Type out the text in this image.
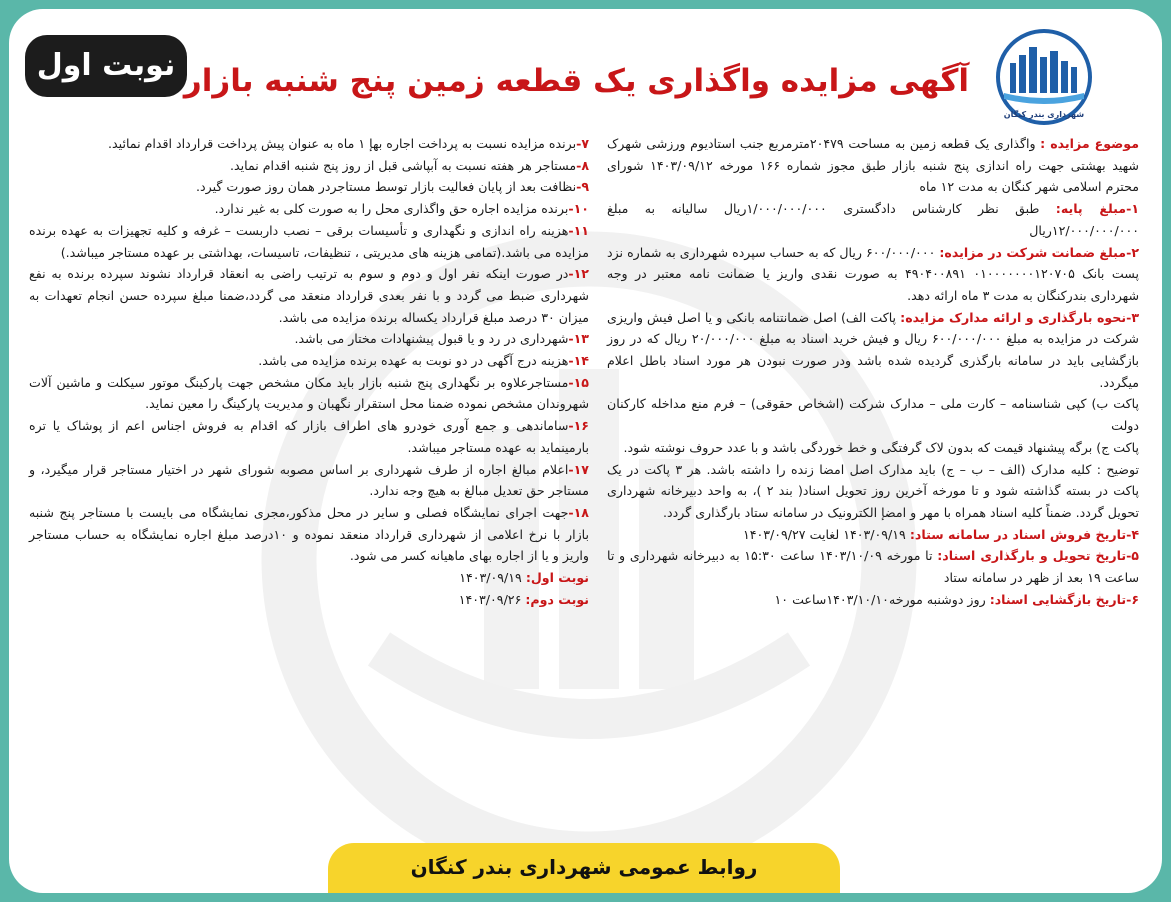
شهرداری بندر کنگان
نوبت اول آگهی مزایده واگذاری یک قطعه زمین پنج شنبه بازار

موضوع مزایده : واگذاری یک قطعه زمین به مساحت ۲۰۴۷۹مترمربع جنب استادیوم ورزشی شهرک شهید بهشتی جهت راه اندازی پنج شنبه بازار طبق مجوز شماره ۱۶۶ مورخه ۱۴۰۳/۰۹/۱۲ شورای محترم اسلامی شهر کنگان به مدت ۱۲ ماه

۱-مبلغ پایه: طبق نظر کارشناس دادگستری ۱/۰۰۰/۰۰۰/۰۰۰ریال سالیانه به مبلغ ۱۲/۰۰۰/۰۰۰/۰۰۰ریال

۲-مبلغ ضمانت شرکت در مزایده: ۶۰۰/۰۰۰/۰۰۰ ریال که به حساب سپرده شهرداری به شماره نزد پست بانک ۰۱۰۰۰۰۰۰۰۱۲۰۷۰۵ ۴۹۰۴۰۰۸۹۱ به صورت نقدی واریز یا ضمانت نامه معتبر در وجه شهرداری بندرکنگان به مدت ۳ ماه ارائه دهد.

۳-نحوه بارگذاری و ارائه مدارک مزایده: پاکت الف) اصل ضمانتنامه بانکی و یا اصل فیش واریزی شرکت در مزایده به مبلغ ۶۰۰/۰۰۰/۰۰۰ ریال و فیش خرید اسناد به مبلغ ۲۰/۰۰۰/۰۰۰ ریال که در روز بازگشایی باید در سامانه بارگذری گردیده شده باشد ودر صورت نبودن هر مورد اسناد باطل اعلام میگردد.

پاکت ب) کپی شناسنامه – کارت ملی – مدارک شرکت (اشخاص حقوقی) – فرم منع مداخله کارکنان دولت

پاکت ج) برگه پیشنهاد قیمت که بدون لاک گرفتگی و خط خوردگی باشد و با عدد حروف نوشته شود.

توضیح : کلیه مدارک (الف – ب – ج) باید مدارک اصل امضا زنده را داشته باشد. هر ۳ پاکت در یک پاکت در بسته گذاشته شود و تا مورخه آخرین روز تحویل اسناد( بند ۲ )، به واحد دبیرخانه شهرداری تحویل گردد. ضمناً کلیه اسناد همراه با مهر و امضإ الکترونیک در سامانه ستاد بارگذاری گردد.

۴-تاریخ فروش اسناد در سامانه ستاد: ۱۴۰۳/۰۹/۱۹ لغایت ۱۴۰۳/۰۹/۲۷

۵-تاریخ تحویل و بارگذاری اسناد: تا مورخه ۱۴۰۳/۱۰/۰۹ ساعت ۱۵:۳۰ به دبیرخانه شهرداری و تا ساعت ۱۹ بعد از ظهر در سامانه ستاد

۶-تاریخ بازگشایی اسناد: روز دوشنبه مورخه۱۴۰۳/۱۰/۱۰ساعت ۱۰

۷-برنده مزایده نسبت به پرداخت اجاره بهإ ۱ ماه به عنوان پیش پرداخت قرارداد اقدام نمائید.

۸-مستاجر هر هفته نسبت به آبپاشی قبل از روز پنج شنبه اقدام نماید.

۹-نظافت بعد از پایان فعالیت بازار توسط مستاجردر همان روز صورت گیرد.

۱۰-برنده مزایده اجاره حق واگذاری محل را به صورت کلی به غیر ندارد.

۱۱-هزینه راه اندازی و نگهداری و تأسیسات برقی – نصب داربست – غرفه و کلیه تجهیزات به عهده برنده مزایده می باشد.(تمامی هزینه های مدیریتی ، تنظیفات، تاسیسات، بهداشتی بر عهده مستاجر میباشد.)

۱۲-در صورت اینکه نفر اول و دوم و سوم به ترتیب راضی به انعقاد قرارداد نشوند سپرده برنده به نفع شهرداری ضبط می گردد و با نفر بعدی قرارداد منعقد می گردد،ضمنا مبلغ سپرده حسن انجام تعهدات به میزان ۳۰ درصد مبلغ قرارداد یکساله برنده مزایده می باشد.

۱۳-شهرداری در رد و یا قبول پیشنهادات مختار می باشد.

۱۴-هزینه درج آگهی در دو نوبت به عهده برنده مزایده می باشد.

۱۵-مستاجرعلاوه بر نگهداری پنج شنبه بازار باید مکان مشخص جهت پارکینگ موتور سیکلت و ماشین آلات شهروندان مشخص نموده ضمنا محل استقرار نگهبان و مدیریت پارکینگ را معین نماید.

۱۶-ساماندهی و جمع آوری خودرو های اطراف بازار که اقدام به فروش اجناس اعم از پوشاک یا تره بارمینماید به عهده مستاجر میباشد.

۱۷-اعلام مبالغ اجاره از طرف شهرداری بر اساس مصوبه شورای شهر در اختیار مستاجر قرار میگیرد، و مستاجر حق تعدیل مبالغ به هیچ وجه ندارد.

۱۸-جهت اجرای نمایشگاه فصلی و سایر در محل مذکور،مجری نمایشگاه می بایست با مستاجر پنج شنبه بازار با نرخ اعلامی از شهرداری قرارداد منعقد نموده و ۱۰درصد مبلغ اجاره نمایشگاه به حساب مستاجر واریز و یا از اجاره بهای ماهیانه کسر می شود.

نوبت اول: ۱۴۰۳/۰۹/۱۹

نوبت دوم: ۱۴۰۳/۰۹/۲۶

روابط عمومی شهرداری بندر کنگان
